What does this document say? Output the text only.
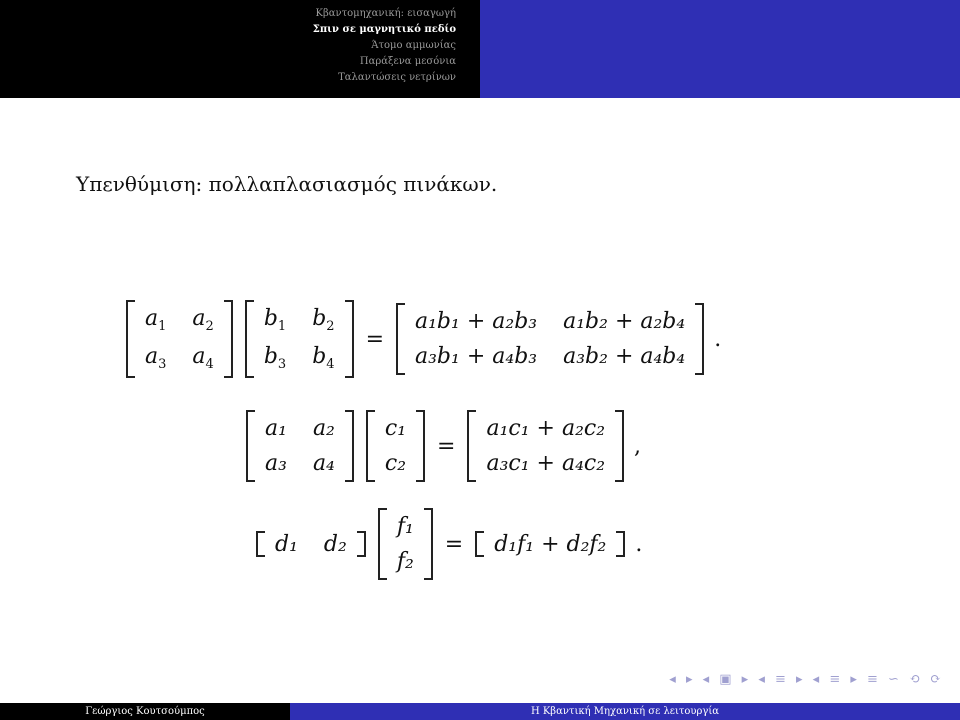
Κβαντομηχανική: εισαγωγή
Σπιν σε μαγνητικό πεδίο
Άτομο αμμωνίας
Παράξενα μεσόνια
Ταλαντώσεις νετρίνων
Υπενθύμιση: πολλαπλασιασμός πινάκων.
$a_1$ $a_2$
$a_3$ $a_4$
$b_1$ $b_2$
$b_3$ $b_4$
=
a₁b₁ + a₂b₃ a₁b₂ + a₂b₄
a₃b₁ + a₄b₃ a₃b₂ + a₄b₄
.
a₁ a₂
a₃ a₄
c₁
c₂
=
a₁c₁ + a₂c₂
a₃c₁ + a₄c₂
,
d₁ d₂
f₁
f₂
= d₁f₁ + d₂f₂ .
◂ ▸ ◂ ▣ ▸ ◂ ≡ ▸ ◂ ≡ ▸ ≡ ∽ ⟲ ⟳
Γεώργιος Κουτσούμπος	Η Κβαντική Μηχανική σε λειτουργία
